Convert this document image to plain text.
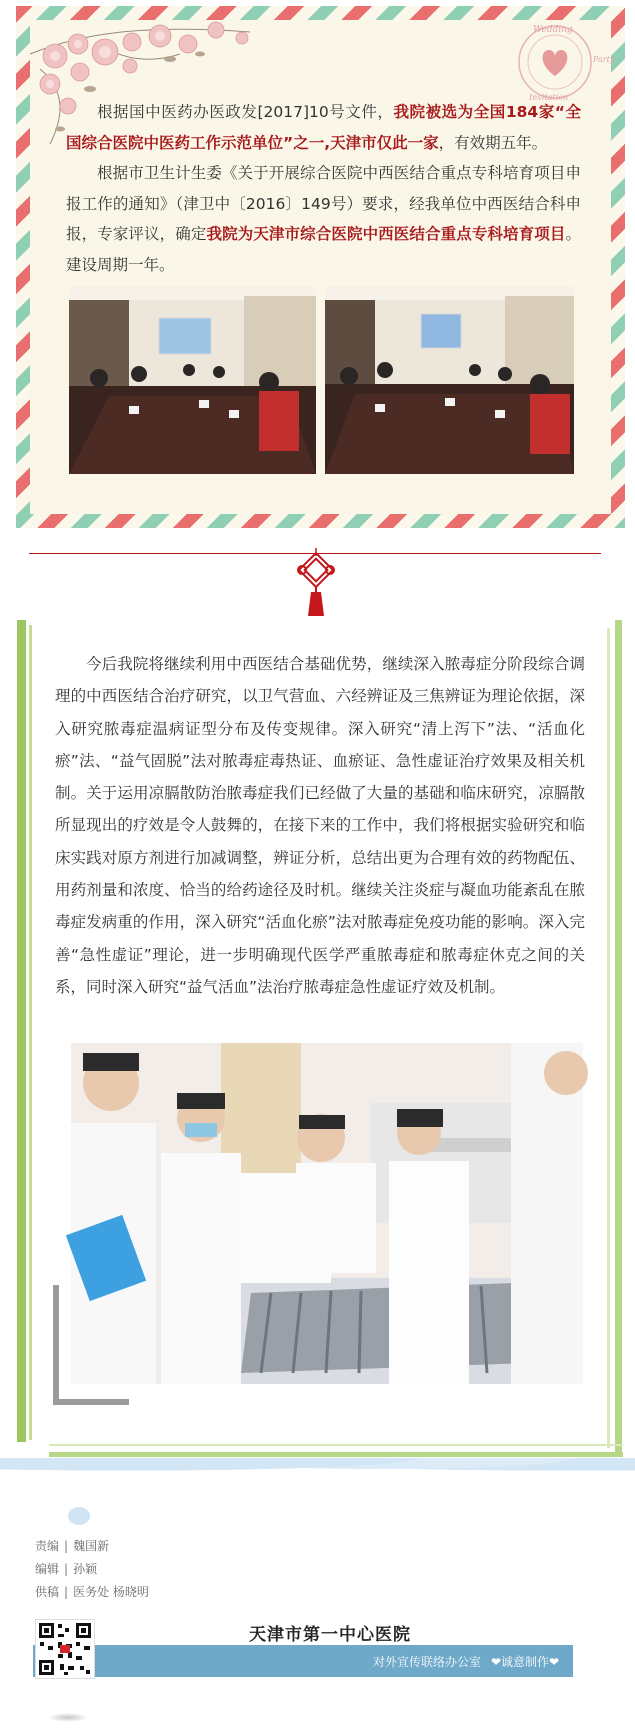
Wedding
Party
Invitation

根据国中医药办医政发[2017]10号文件，我院被选为全国184家“全国综合医院中医药工作示范单位”之一,天津市仅此一家，有效期五年。

根据市卫生计生委《关于开展综合医院中西医结合重点专科培育项目申报工作的通知》（津卫中〔2016〕149号）要求，经我单位中西医结合科申报，专家评议，确定我院为天津市综合医院中西医结合重点专科培育项目。建设周期一年。

今后我院将继续利用中西医结合基础优势，继续深入脓毒症分阶段综合调理的中西医结合治疗研究，以卫气营血、六经辨证及三焦辨证为理论依据，深入研究脓毒症温病证型分布及传变规律。深入研究“清上泻下”法、“活血化瘀”法、“益气固脱”法对脓毒症毒热证、血瘀证、急性虚证治疗效果及相关机制。关于运用凉膈散防治脓毒症我们已经做了大量的基础和临床研究，凉膈散所显现出的疗效是令人鼓舞的，在接下来的工作中，我们将根据实验研究和临床实践对原方剂进行加减调整，辨证分析，总结出更为合理有效的药物配伍、用药剂量和浓度、恰当的给药途径及时机。继续关注炎症与凝血功能紊乱在脓毒症发病重的作用，深入研究“活血化瘀”法对脓毒症免疫功能的影响。深入完善“急性虚证”理论，进一步明确现代医学严重脓毒症和脓毒症休克之间的关系，同时深入研究“益气活血”法治疗脓毒症急性虚证疗效及机制。

责编 | 魏国新
编辑 | 孙颖
供稿 | 医务处 杨晓明
天津市第一中心医院
对外宣传联络办公室 ❤诚意制作❤
